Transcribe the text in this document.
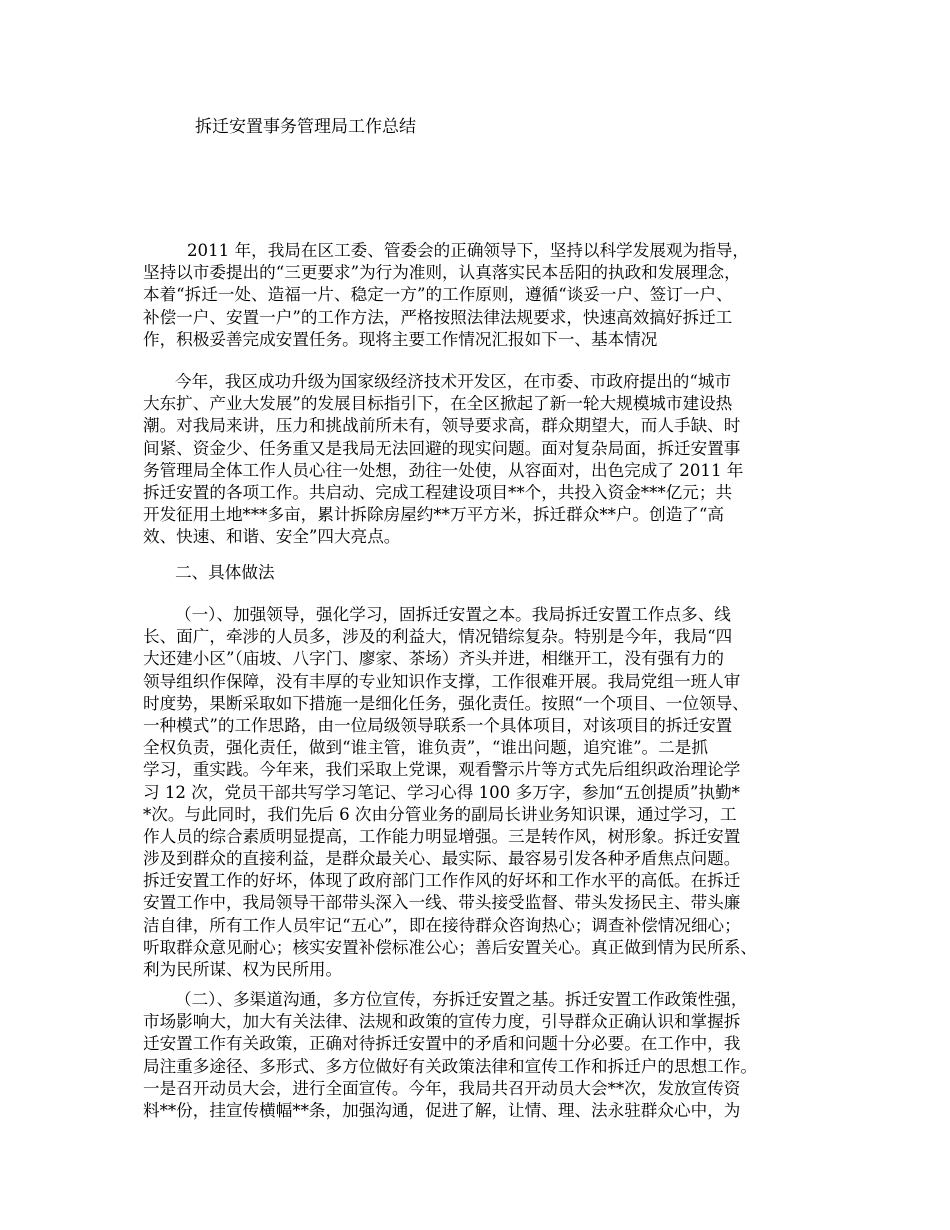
拆迁安置事务管理局工作总结
2011 年，我局在区工委、管委会的正确领导下，坚持以科学发展观为指导，
坚持以市委提出的“三更要求”为行为准则，认真落实民本岳阳的执政和发展理念，
本着“拆迁一处、造福一片、稳定一方”的工作原则，遵循“谈妥一户、签订一户、
补偿一户、安置一户”的工作方法，严格按照法律法规要求，快速高效搞好拆迁工
作，积极妥善完成安置任务。现将主要工作情况汇报如下一、基本情况
今年，我区成功升级为国家级经济技术开发区，在市委、市政府提出的“城市
大东扩、产业大发展”的发展目标指引下，在全区掀起了新一轮大规模城市建设热
潮。对我局来讲，压力和挑战前所未有，领导要求高，群众期望大，而人手缺、时
间紧、资金少、任务重又是我局无法回避的现实问题。面对复杂局面，拆迁安置事
务管理局全体工作人员心往一处想，劲往一处使，从容面对，出色完成了 2011 年
拆迁安置的各项工作。共启动、完成工程建设项目**个，共投入资金***亿元；共
开发征用土地***多亩，累计拆除房屋约**万平方米，拆迁群众**户。创造了“高
效、快速、和谐、安全”四大亮点。
二、具体做法
（一）、加强领导，强化学习，固拆迁安置之本。我局拆迁安置工作点多、线
长、面广，牵涉的人员多，涉及的利益大，情况错综复杂。特别是今年，我局“四
大还建小区”（庙坡、八字门、廖家、茶场）齐头并进，相继开工，没有强有力的
领导组织作保障，没有丰厚的专业知识作支撑，工作很难开展。我局党组一班人审
时度势，果断采取如下措施一是细化任务，强化责任。按照“一个项目、一位领导、
一种模式”的工作思路，由一位局级领导联系一个具体项目，对该项目的拆迁安置
全权负责，强化责任，做到“谁主管，谁负责”，“谁出问题，追究谁”。二是抓
学习，重实践。今年来，我们采取上党课，观看警示片等方式先后组织政治理论学
习 12 次，党员干部共写学习笔记、学习心得 100 多万字，参加“五创提质”执勤*
*次。与此同时，我们先后 6 次由分管业务的副局长讲业务知识课，通过学习，工
作人员的综合素质明显提高，工作能力明显增强。三是转作风，树形象。拆迁安置
涉及到群众的直接利益，是群众最关心、最实际、最容易引发各种矛盾焦点问题。
拆迁安置工作的好坏，体现了政府部门工作作风的好坏和工作水平的高低。在拆迁
安置工作中，我局领导干部带头深入一线、带头接受监督、带头发扬民主、带头廉
洁自律，所有工作人员牢记“五心”，即在接待群众咨询热心；调查补偿情况细心；
听取群众意见耐心；核实安置补偿标准公心；善后安置关心。真正做到情为民所系、
利为民所谋、权为民所用。
（二）、多渠道沟通，多方位宣传，夯拆迁安置之基。拆迁安置工作政策性强，
市场影响大，加大有关法律、法规和政策的宣传力度，引导群众正确认识和掌握拆
迁安置工作有关政策，正确对待拆迁安置中的矛盾和问题十分必要。在工作中，我
局注重多途径、多形式、多方位做好有关政策法律和宣传工作和拆迁户的思想工作。
一是召开动员大会，进行全面宣传。今年，我局共召开动员大会**次，发放宣传资
料**份，挂宣传横幅**条，加强沟通，促进了解，让情、理、法永驻群众心中，为
